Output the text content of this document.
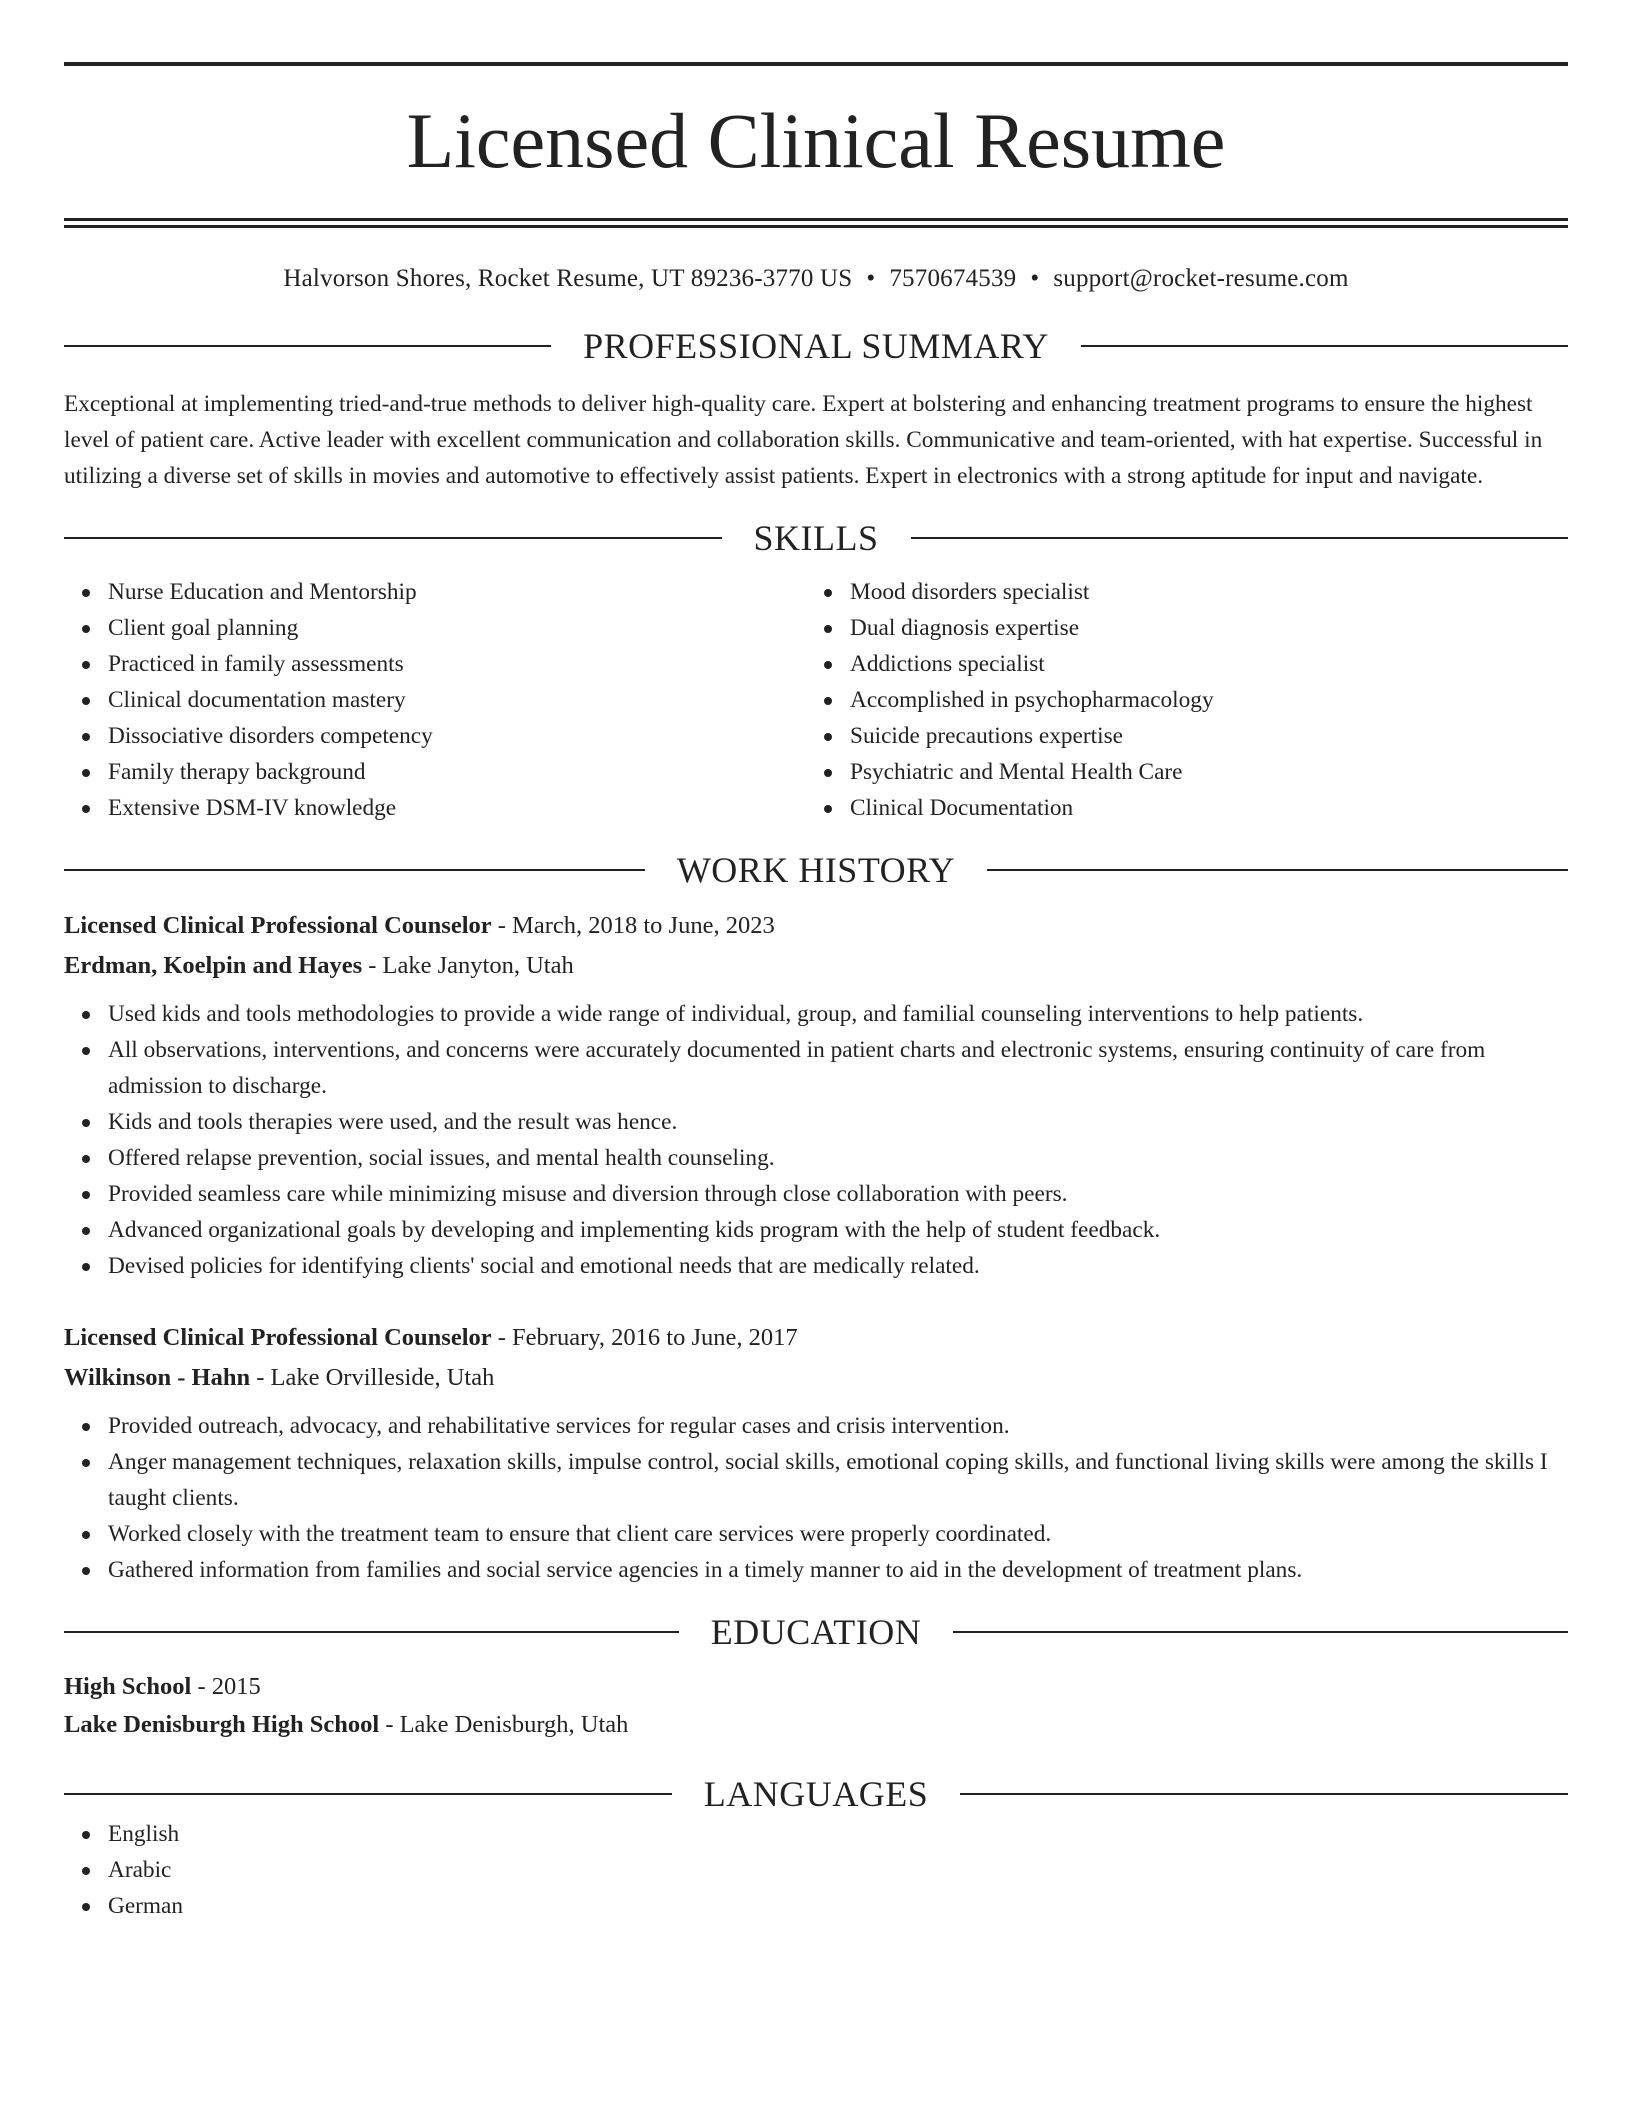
Licensed Clinical Resume
Halvorson Shores, Rocket Resume, UT 89236-3770 US • 7570674539 • support@rocket-resume.com
PROFESSIONAL SUMMARY

Exceptional at implementing tried-and-true methods to deliver high-quality care. Expert at bolstering and enhancing treatment programs to ensure the highest level of patient care. Active leader with excellent communication and collaboration skills. Communicative and team-oriented, with hat expertise. Successful in utilizing a diverse set of skills in movies and automotive to effectively assist patients. Expert in electronics with a strong aptitude for input and navigate.

SKILLS
Nurse Education and Mentorship
Client goal planning
Practiced in family assessments
Clinical documentation mastery
Dissociative disorders competency
Family therapy background
Extensive DSM-IV knowledge
Mood disorders specialist
Dual diagnosis expertise
Addictions specialist
Accomplished in psychopharmacology
Suicide precautions expertise
Psychiatric and Mental Health Care
Clinical Documentation
WORK HISTORY
Licensed Clinical Professional Counselor - March, 2018 to June, 2023
Erdman, Koelpin and Hayes - Lake Janyton, Utah
Used kids and tools methodologies to provide a wide range of individual, group, and familial counseling interventions to help patients.
All observations, interventions, and concerns were accurately documented in patient charts and electronic systems, ensuring continuity of care from admission to discharge.
Kids and tools therapies were used, and the result was hence.
Offered relapse prevention, social issues, and mental health counseling.
Provided seamless care while minimizing misuse and diversion through close collaboration with peers.
Advanced organizational goals by developing and implementing kids program with the help of student feedback.
Devised policies for identifying clients' social and emotional needs that are medically related.
Licensed Clinical Professional Counselor - February, 2016 to June, 2017
Wilkinson - Hahn - Lake Orvilleside, Utah
Provided outreach, advocacy, and rehabilitative services for regular cases and crisis intervention.
Anger management techniques, relaxation skills, impulse control, social skills, emotional coping skills, and functional living skills were among the skills I taught clients.
Worked closely with the treatment team to ensure that client care services were properly coordinated.
Gathered information from families and social service agencies in a timely manner to aid in the development of treatment plans.
EDUCATION
High School - 2015
Lake Denisburgh High School - Lake Denisburgh, Utah
LANGUAGES
English
Arabic
German
